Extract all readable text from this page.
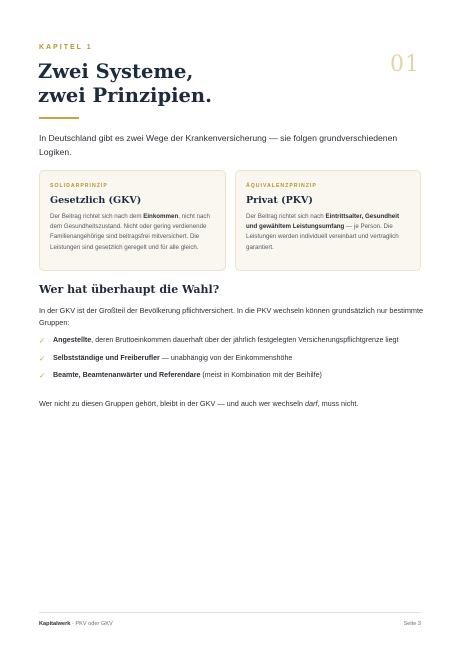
KAPITEL 1
01
Zwei Systeme,
zwei Prinzipien.

In Deutschland gibt es zwei Wege der Krankenversicherung — sie folgen grundverschiedenen Logiken.

SOLIDARPRINZIP
Gesetzlich (GKV)
Der Beitrag richtet sich nach dem Einkommen, nicht nach dem Gesundheitszustand. Nicht oder gering verdienende Familienangehörige sind beitragsfrei mitversichert. Die Leistungen sind gesetzlich geregelt und für alle gleich.
ÄQUIVALENZPRINZIP
Privat (PKV)
Der Beitrag richtet sich nach Eintrittsalter, Gesundheit und gewähltem Leistungsumfang — je Person. Die Leistungen werden individuell vereinbart und vertraglich garantiert.
Wer hat überhaupt die Wahl?

In der GKV ist der Großteil der Bevölkerung pflichtversichert. In die PKV wechseln können grundsätzlich nur bestimmte Gruppen:

✓ Angestellte, deren Bruttoeinkommen dauerhaft über der jährlich festgelegten Versicherungspflichtgrenze liegt
✓ Selbstständige und Freiberufler — unabhängig von der Einkommenshöhe
✓ Beamte, Beamtenanwärter und Referendare (meist in Kombination mit der Beihilfe)

Wer nicht zu diesen Gruppen gehört, bleibt in der GKV — und auch wer wechseln darf, muss nicht.

Kapitalwerk · PKV oder GKV	Seite 3
